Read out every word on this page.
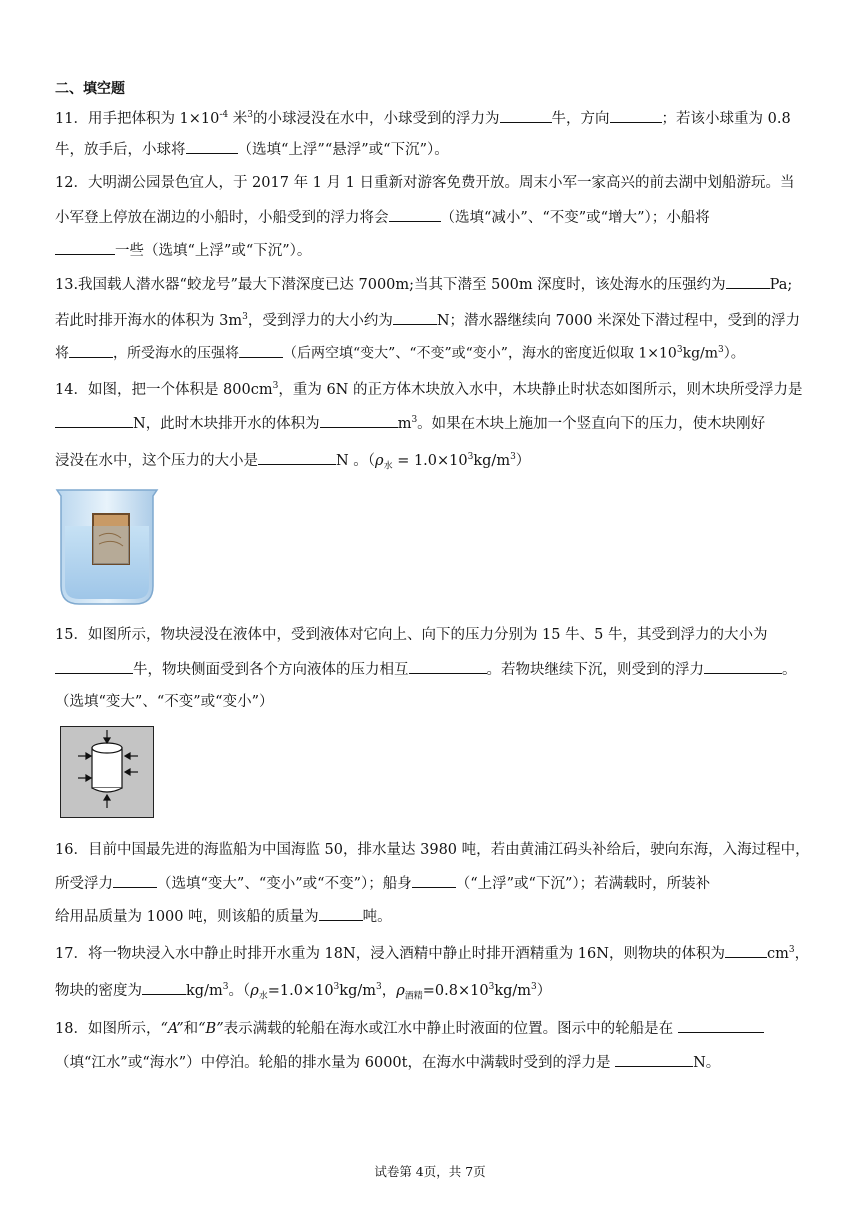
二、填空题
11．用手把体积为 $1\times 10^{-4}$ 米$^3$的小球浸没在水中，小球受到的浮力为	牛，方向	；若该小球重为 0.8
牛，放手后，小球将	（选填“上浮”“悬浮”或“下沉”）。
12．大明湖公园景色宜人，于 2017 年 1 月 1 日重新对游客免费开放。周末小军一家高兴的前去湖中划船游玩。当
小军登上停放在湖边的小船时，小船受到的浮力将会	（选填“减小”、“不变”或“增大”）；小船将
一些（选填“上浮”或“下沉”）。
13.我国载人潜水器“蛟龙号”最大下潜深度已达 7000m;当其下潜至 500m 深度时，该处海水的压强约为	Pa;
若此时排开海水的体积为 $3m^3$，受到浮力的大小约为	N；潜水器继续向 7000 米深处下潜过程中，受到的浮力
将	，所受海水的压强将	（后两空填“变大”、“不变”或“变小”，海水的密度近似取 $1\times 10^3kg/m^3$）。
14．如图，把一个体积是 $800cm^3$，重为 6N 的正方体木块放入水中，木块静止时状态如图所示，则木块所受浮力是
N，此时木块排开水的体积为	$m^3$。如果在木块上施加一个竖直向下的压力，使木块刚好
浸没在水中，这个压力的大小是	N 。$(\rho_水 = 1.0\times 10^3kg/m^3)$
15．如图所示，物块浸没在液体中，受到液体对它向上、向下的压力分别为 15 牛、5 牛，其受到浮力的大小为
牛，物块侧面受到各个方向液体的压力相互	。若物块继续下沉，则受到的浮力	。
（选填“变大”、“不变”或“变小”）
16．目前中国最先进的海监船为中国海监 50，排水量达 3980 吨，若由黄浦江码头补给后，驶向东海，入海过程中，
所受浮力	（选填“变大”、“变小”或“不变”）；船身	（“上浮”或“下沉”）；若满载时，所装补
给用品质量为 1000 吨，则该船的质量为	吨。
17．将一物块浸入水中静止时排开水重为 18N，浸入酒精中静止时排开酒精重为 16N，则物块的体积为	$cm^3$，
物块的密度为	$kg/m^3$。（$\rho_水=1.0\times 10^3kg/m^3$，$\rho_{酒精}=0.8\times 10^3kg/m^3$）
18．如图所示，“A”和“B”表示满载的轮船在海水或江水中静止时液面的位置。图示中的轮船是在
（填“江水”或“海水”）中停泊。轮船的排水量为 6000t，在海水中满载时受到的浮力是	N。
试卷第 4页，共 7页
